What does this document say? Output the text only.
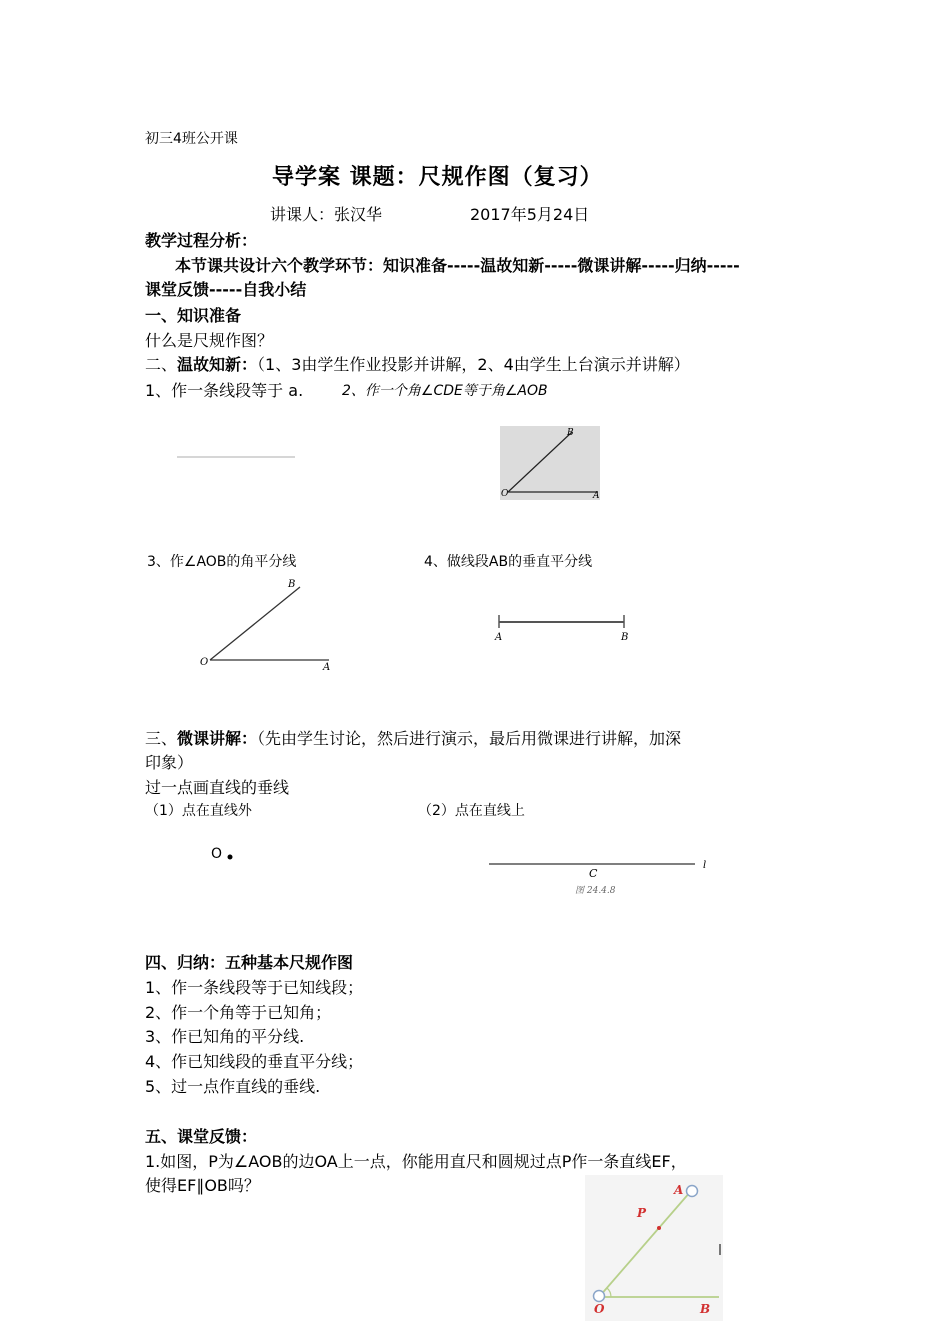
初三4班公开课
导学案 课题：尺规作图（复习）
讲课人：张汉华	2017年5月24日
教学过程分析：
本节课共设计六个教学环节：知识准备-----温故知新-----微课讲解-----归纳-----
课堂反馈-----自我小结
一、知识准备
什么是尺规作图？
二、温故知新：（1、3由学生作业投影并讲解，2、4由学生上台演示并讲解）
1、作一条线段等于 a.	2、作一个角∠CDE等于角∠AOB
O
B
A
3、作∠AOB的角平分线	4、做线段AB的垂直平分线
O
B
A
A	B
三、微课讲解：（先由学生讨论，然后进行演示，最后用微课进行讲解，加深
印象）
过一点画直线的垂线
（1）点在直线外	（2）点在直线上
O
l
C
图 24.4.8
四、归纳：五种基本尺规作图
1、作一条线段等于已知线段；
2、作一个角等于已知角；
3、作已知角的平分线.
4、作已知线段的垂直平分线；
5、过一点作直线的垂线.
五、课堂反馈：
1.如图，P为∠AOB的边OA上一点，你能用直尺和圆规过点P作一条直线EF，
使得EF∥OB吗？
O
A
P
B
